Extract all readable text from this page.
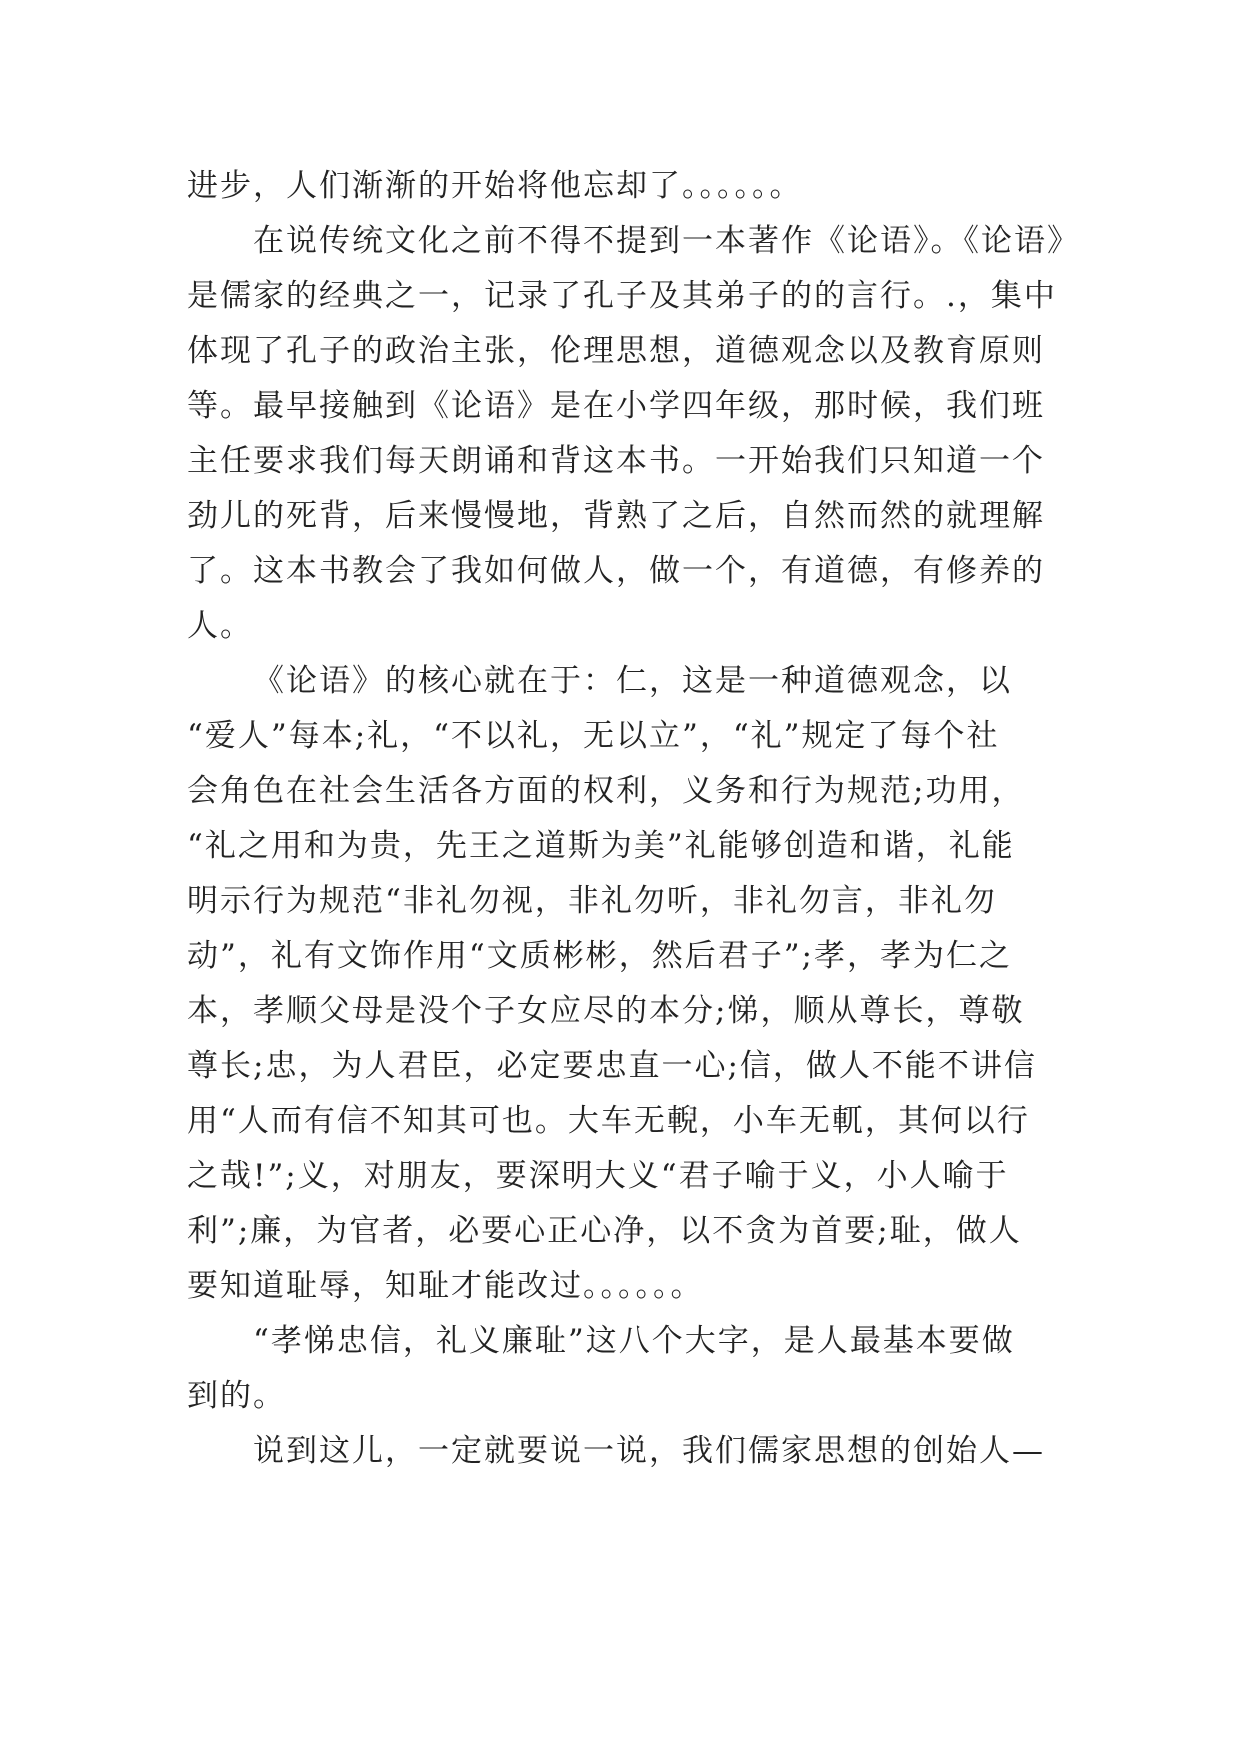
进步，人们渐渐的开始将他忘却了。。。。。。
在说传统文化之前不得不提到一本著作《论语》。《论语》
是儒家的经典之一，记录了孔子及其弟子的的言行。.，集中
体现了孔子的政治主张，伦理思想，道德观念以及教育原则
等。最早接触到《论语》是在小学四年级，那时候，我们班
主任要求我们每天朗诵和背这本书。一开始我们只知道一个
劲儿的死背，后来慢慢地，背熟了之后，自然而然的就理解
了。这本书教会了我如何做人，做一个，有道德，有修养的
人。
《论语》的核心就在于：仁，这是一种道德观念，以
“爱人”每本;礼，“不以礼，无以立”，“礼”规定了每个社
会角色在社会生活各方面的权利，义务和行为规范;功用，
“礼之用和为贵，先王之道斯为美”礼能够创造和谐，礼能
明示行为规范“非礼勿视，非礼勿听，非礼勿言，非礼勿
动”，礼有文饰作用“文质彬彬，然后君子”;孝，孝为仁之
本，孝顺父母是没个子女应尽的本分;悌，顺从尊长，尊敬
尊长;忠，为人君臣，必定要忠直一心;信，做人不能不讲信
用“人而有信不知其可也。大车无輗，小车无軏，其何以行
之哉!”;义，对朋友，要深明大义“君子喻于义，小人喻于
利”;廉，为官者，必要心正心净，以不贪为首要;耻，做人
要知道耻辱，知耻才能改过。。。。。。
“孝悌忠信，礼义廉耻”这八个大字，是人最基本要做
到的。
说到这儿，一定就要说一说，我们儒家思想的创始人—
